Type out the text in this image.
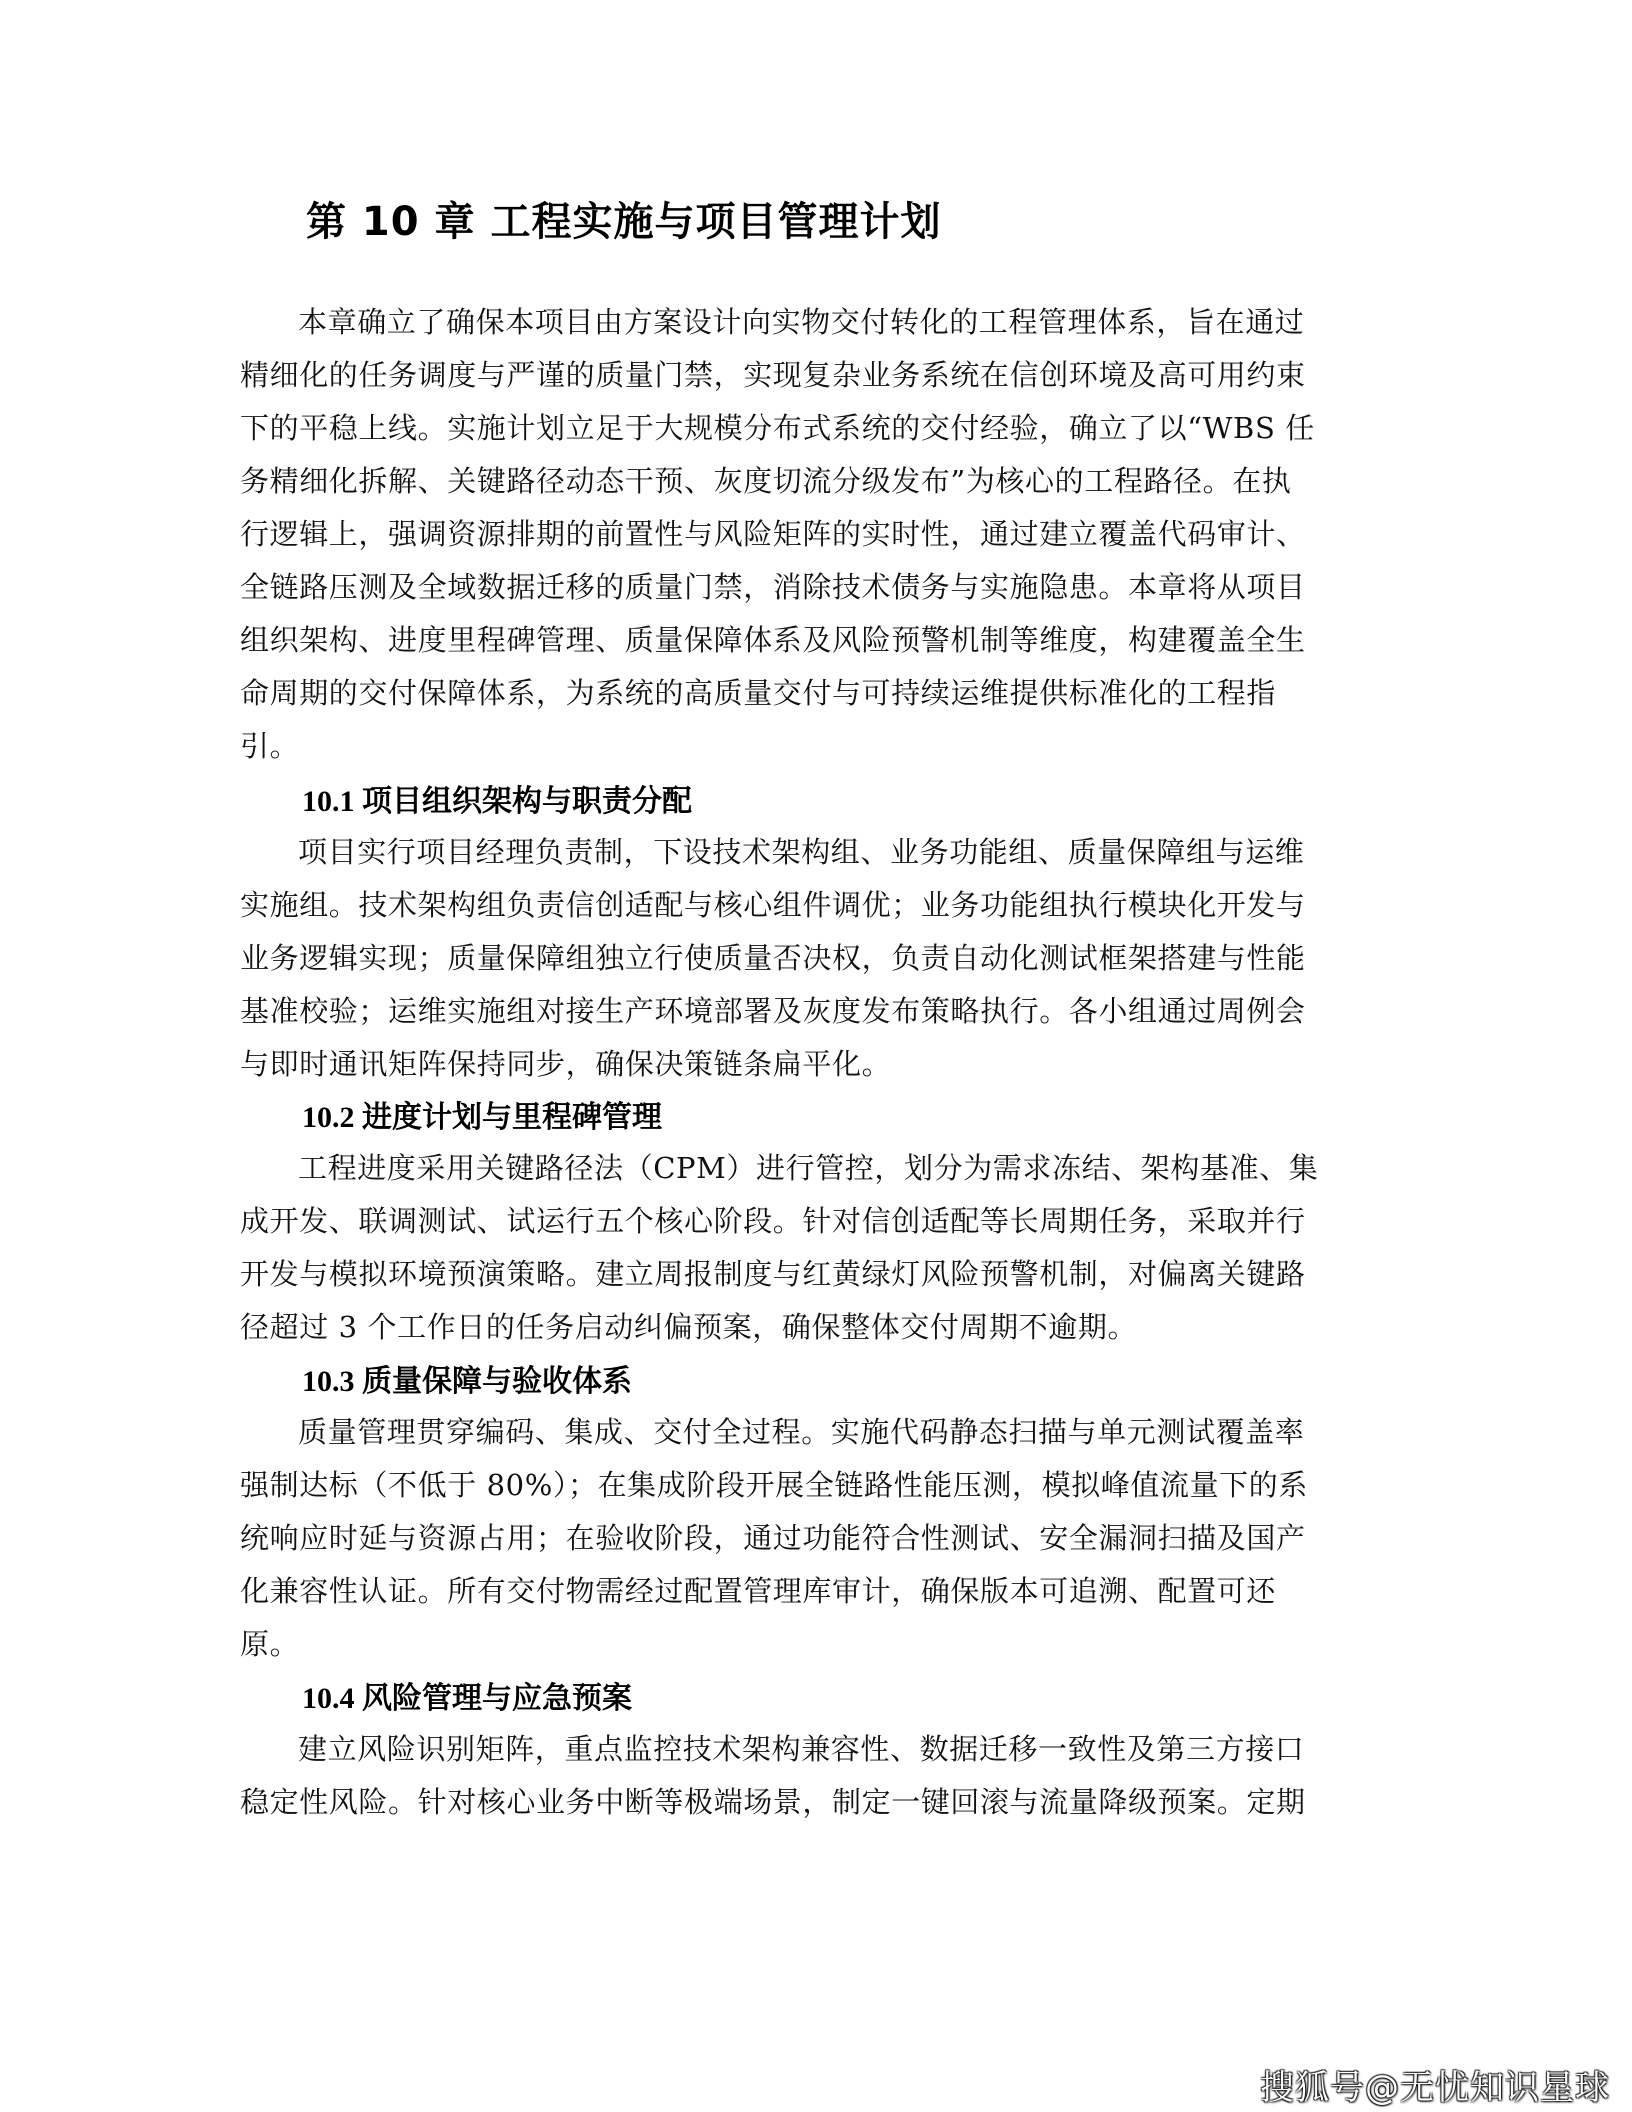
第 10 章 工程实施与项目管理计划
本章确立了确保本项目由方案设计向实物交付转化的工程管理体系，旨在通过
精细化的任务调度与严谨的质量门禁，实现复杂业务系统在信创环境及高可用约束
下的平稳上线。实施计划立足于大规模分布式系统的交付经验，确立了以“WBS 任
务精细化拆解、关键路径动态干预、灰度切流分级发布”为核心的工程路径。在执
行逻辑上，强调资源排期的前置性与风险矩阵的实时性，通过建立覆盖代码审计、
全链路压测及全域数据迁移的质量门禁，消除技术债务与实施隐患。本章将从项目
组织架构、进度里程碑管理、质量保障体系及风险预警机制等维度，构建覆盖全生
命周期的交付保障体系，为系统的高质量交付与可持续运维提供标准化的工程指
引。
10.1 项目组织架构与职责分配
项目实行项目经理负责制，下设技术架构组、业务功能组、质量保障组与运维
实施组。技术架构组负责信创适配与核心组件调优；业务功能组执行模块化开发与
业务逻辑实现；质量保障组独立行使质量否决权，负责自动化测试框架搭建与性能
基准校验；运维实施组对接生产环境部署及灰度发布策略执行。各小组通过周例会
与即时通讯矩阵保持同步，确保决策链条扁平化。
10.2 进度计划与里程碑管理
工程进度采用关键路径法（CPM）进行管控，划分为需求冻结、架构基准、集
成开发、联调测试、试运行五个核心阶段。针对信创适配等长周期任务，采取并行
开发与模拟环境预演策略。建立周报制度与红黄绿灯风险预警机制，对偏离关键路
径超过 3 个工作日的任务启动纠偏预案，确保整体交付周期不逾期。
10.3 质量保障与验收体系
质量管理贯穿编码、集成、交付全过程。实施代码静态扫描与单元测试覆盖率
强制达标（不低于 80%）；在集成阶段开展全链路性能压测，模拟峰值流量下的系
统响应时延与资源占用；在验收阶段，通过功能符合性测试、安全漏洞扫描及国产
化兼容性认证。所有交付物需经过配置管理库审计，确保版本可追溯、配置可还
原。
10.4 风险管理与应急预案
建立风险识别矩阵，重点监控技术架构兼容性、数据迁移一致性及第三方接口
稳定性风险。针对核心业务中断等极端场景，制定一键回滚与流量降级预案。定期
搜狐号@无忧知识星球
